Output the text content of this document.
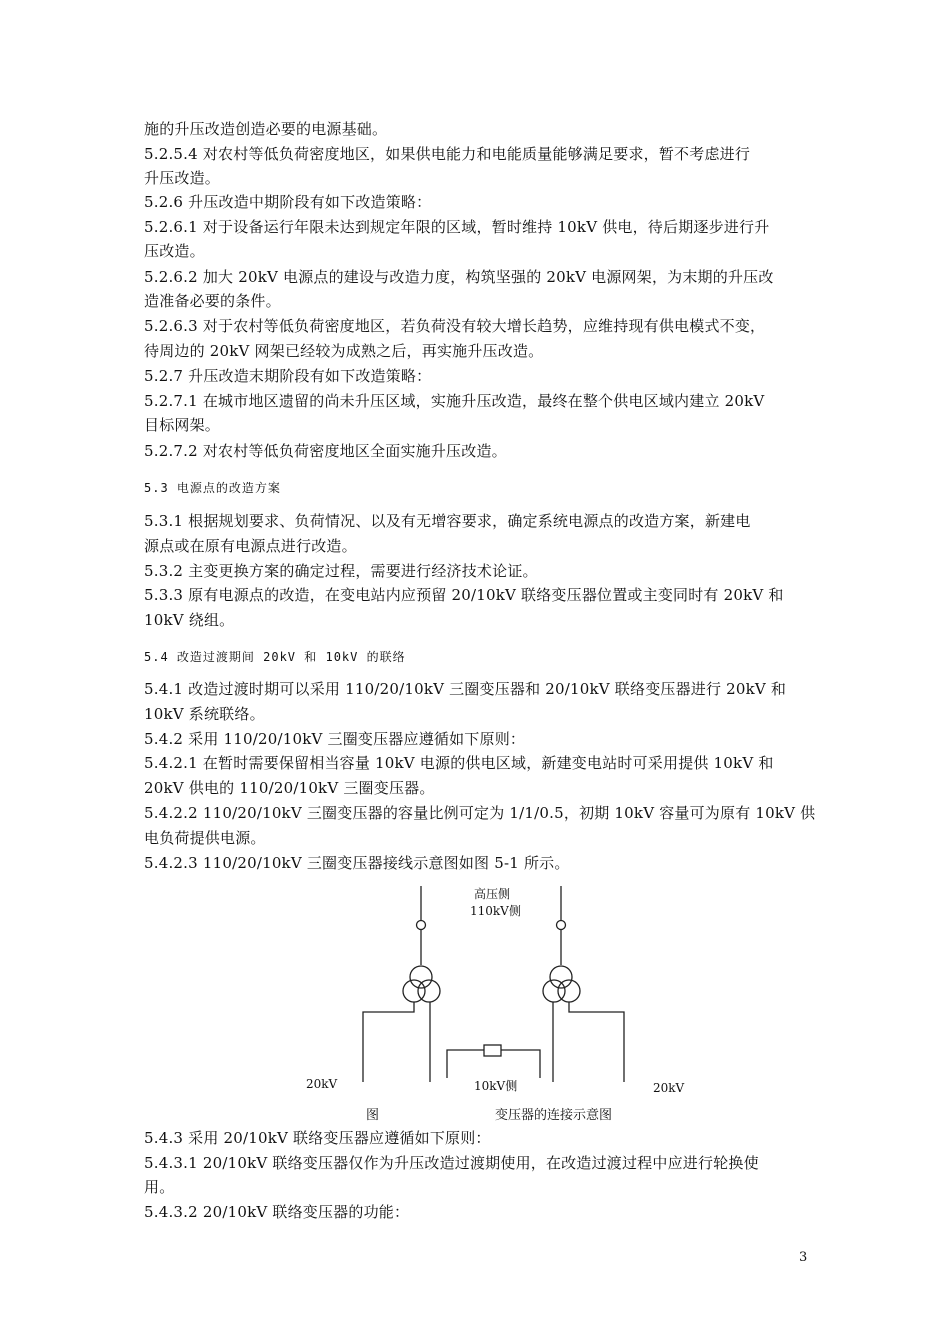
施的升压改造创造必要的电源基础。
5.2.5.4 对农村等低负荷密度地区，如果供电能力和电能质量能够满足要求，暂不考虑进行
升压改造。
5.2.6 升压改造中期阶段有如下改造策略：
5.2.6.1 对于设备运行年限未达到规定年限的区域，暂时维持 10kV 供电，待后期逐步进行升
压改造。
5.2.6.2 加大 20kV 电源点的建设与改造力度，构筑坚强的 20kV 电源网架，为末期的升压改
造准备必要的条件。
5.2.6.3 对于农村等低负荷密度地区，若负荷没有较大增长趋势，应维持现有供电模式不变，
待周边的 20kV 网架已经较为成熟之后，再实施升压改造。
5.2.7 升压改造末期阶段有如下改造策略：
5.2.7.1 在城市地区遗留的尚未升压区域，实施升压改造，最终在整个供电区域内建立 20kV
目标网架。
5.2.7.2 对农村等低负荷密度地区全面实施升压改造。
5.3 电源点的改造方案
5.3.1 根据规划要求、负荷情况、以及有无增容要求，确定系统电源点的改造方案，新建电
源点或在原有电源点进行改造。
5.3.2 主变更换方案的确定过程，需要进行经济技术论证。
5.3.3 原有电源点的改造，在变电站内应预留 20/10kV 联络变压器位置或主变同时有 20kV 和
10kV 绕组。
5.4 改造过渡期间 20kV 和 10kV 的联络
5.4.1 改造过渡时期可以采用 110/20/10kV 三圈变压器和 20/10kV 联络变压器进行 20kV 和
10kV 系统联络。
5.4.2 采用 110/20/10kV 三圈变压器应遵循如下原则：
5.4.2.1 在暂时需要保留相当容量 10kV 电源的供电区域，新建变电站时可采用提供 10kV 和
20kV 供电的 110/20/10kV 三圈变压器。
5.4.2.2 110/20/10kV 三圈变压器的容量比例可定为 1/1/0.5，初期 10kV 容量可为原有 10kV 供
电负荷提供电源。
5.4.2.3 110/20/10kV 三圈变压器接线示意图如图 5-1 所示。
高压侧
110kV侧
20kV	10kV侧	20kV
图	变压器的连接示意图
5.4.3 采用 20/10kV 联络变压器应遵循如下原则：
5.4.3.1 20/10kV 联络变压器仅作为升压改造过渡期使用，在改造过渡过程中应进行轮换使
用。
5.4.3.2 20/10kV 联络变压器的功能：
3
